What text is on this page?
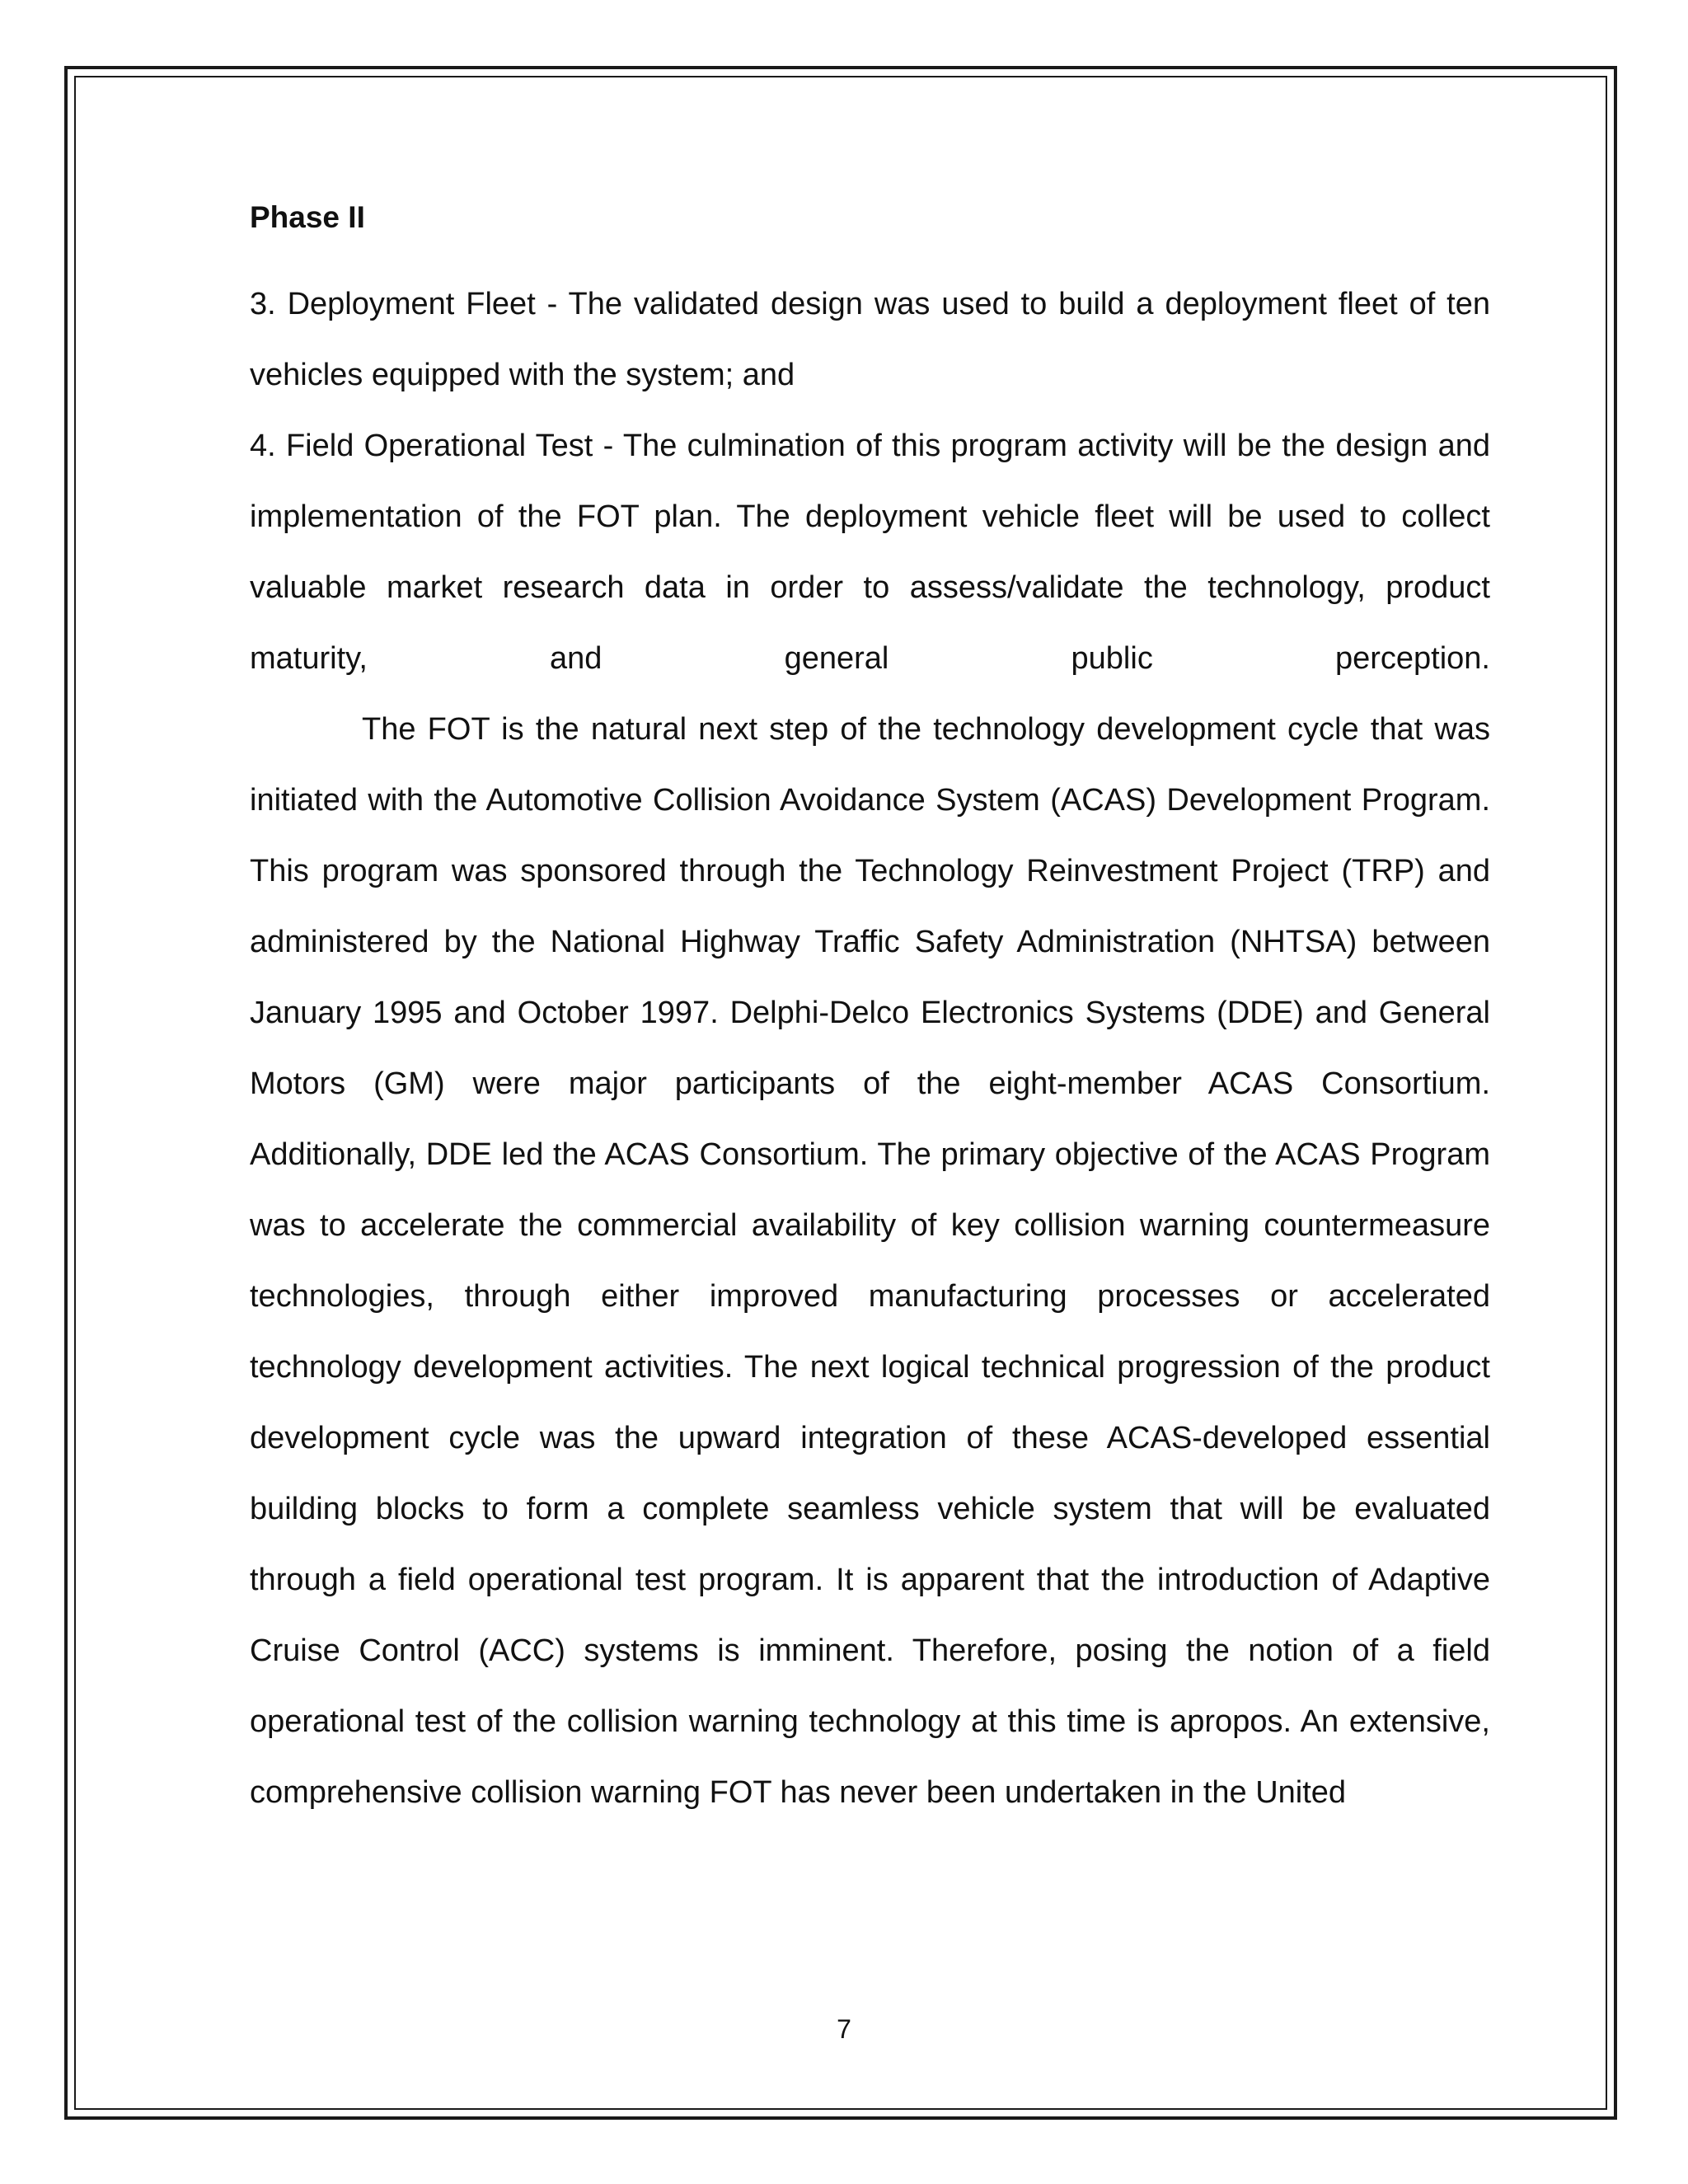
Phase II

3. Deployment Fleet - The validated design was used to build a deployment fleet of ten vehicles equipped with the system; and

4. Field Operational Test - The culmination of this program activity will be the design and implementation of the FOT plan. The deployment vehicle fleet will be used to collect valuable market research data in order to assess/validate the technology, product maturity, and general public perception.

The FOT is the natural next step of the technology development cycle that was initiated with the Automotive Collision Avoidance System (ACAS) Development Program. This program was sponsored through the Technology Reinvestment Project (TRP) and administered by the National Highway Traffic Safety Administration (NHTSA) between January 1995 and October 1997. Delphi-Delco Electronics Systems (DDE) and General Motors (GM) were major participants of the eight-member ACAS Consortium. Additionally, DDE led the ACAS Consortium. The primary objective of the ACAS Program was to accelerate the commercial availability of key collision warning countermeasure technologies, through either improved manufacturing processes or accelerated technology development activities. The next logical technical progression of the product development cycle was the upward integration of these ACAS-developed essential building blocks to form a complete seamless vehicle system that will be evaluated through a field operational test program. It is apparent that the introduction of Adaptive Cruise Control (ACC) systems is imminent. Therefore, posing the notion of a field operational test of the collision warning technology at this time is apropos. An extensive, comprehensive collision warning FOT has never been undertaken in the United

7
